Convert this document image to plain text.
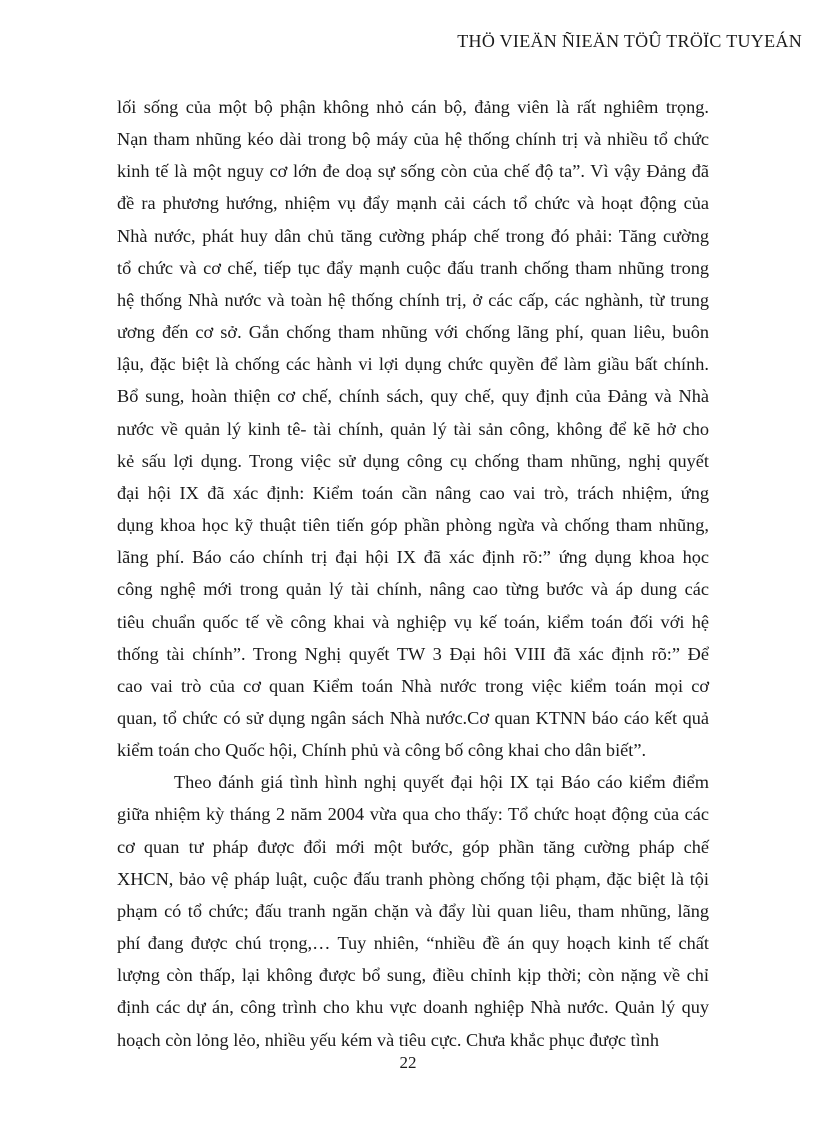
THÖ VIEÄN ÑIEÄN TÖÛ TRÖÏC TUYEÁN
lối sống của một bộ phận không nhỏ cán bộ, đảng viên là rất nghiêm trọng.
Nạn tham nhũng kéo dài trong bộ máy của hệ thống chính trị và nhiều tổ chức
kinh tế là một nguy cơ lớn đe doạ sự sống còn của chế độ ta”. Vì vậy Đảng đã
đề ra phương hướng, nhiệm vụ đẩy mạnh cải cách tổ chức và hoạt động của
Nhà nước, phát huy dân chủ tăng cường pháp chế trong đó phải: Tăng cường
tổ chức và cơ chế, tiếp tục đẩy mạnh cuộc đấu tranh chống tham nhũng trong
hệ thống Nhà nước và toàn hệ thống chính trị, ở các cấp, các nghành, từ trung
ương đến cơ sở. Gắn chống tham nhũng với chống lãng phí, quan liêu, buôn
lậu, đặc biệt là chống các hành vi lợi dụng chức quyền để làm giầu bất chính.
Bổ sung, hoàn thiện cơ chế, chính sách, quy chế, quy định của Đảng và Nhà
nước về quản lý kinh tê- tài chính, quản lý tài sản công, không để kẽ hở cho
kẻ sấu lợi dụng. Trong việc sử dụng công cụ chống tham nhũng, nghị quyết
đại hội IX đã xác định: Kiểm toán cần nâng cao vai trò, trách nhiệm, ứng
dụng khoa học kỹ thuật tiên tiến góp phần phòng ngừa và chống tham nhũng,
lãng phí. Báo cáo chính trị đại hội IX đã xác định rõ:” ứng dụng khoa học
công nghệ mới trong quản lý tài chính, nâng cao từng bước và áp dung các
tiêu chuẩn quốc tế về công khai và nghiệp vụ kế toán, kiểm toán đối với hệ
thống tài chính”. Trong Nghị quyết TW 3 Đại hôi VIII đã xác định rõ:” Để
cao vai trò của cơ quan Kiểm toán Nhà nước trong việc kiểm toán mọi cơ
quan, tổ chức có sử dụng ngân sách Nhà nước.Cơ quan KTNN báo cáo kết quả
kiểm toán cho Quốc hội, Chính phủ và công bố công khai cho dân biết”.
Theo đánh giá tình hình nghị quyết đại hội IX tại Báo cáo kiểm điểm
giữa nhiệm kỳ tháng 2 năm 2004 vừa qua cho thấy: Tổ chức hoạt động của các
cơ quan tư pháp được đổi mới một bước, góp phần tăng cường pháp chế
XHCN, bảo vệ pháp luật, cuộc đấu tranh phòng chống tội phạm, đặc biệt là tội
phạm có tổ chức; đấu tranh ngăn chặn và đẩy lùi quan liêu, tham nhũng, lãng
phí đang được chú trọng,… Tuy nhiên, “nhiều đề án quy hoạch kinh tế chất
lượng còn thấp, lại không được bổ sung, điều chỉnh kịp thời; còn nặng về chỉ
định các dự án, công trình cho khu vực doanh nghiệp Nhà nước. Quản lý quy
hoạch còn lỏng lẻo, nhiều yếu kém và tiêu cực. Chưa khắc phục được tình
22
